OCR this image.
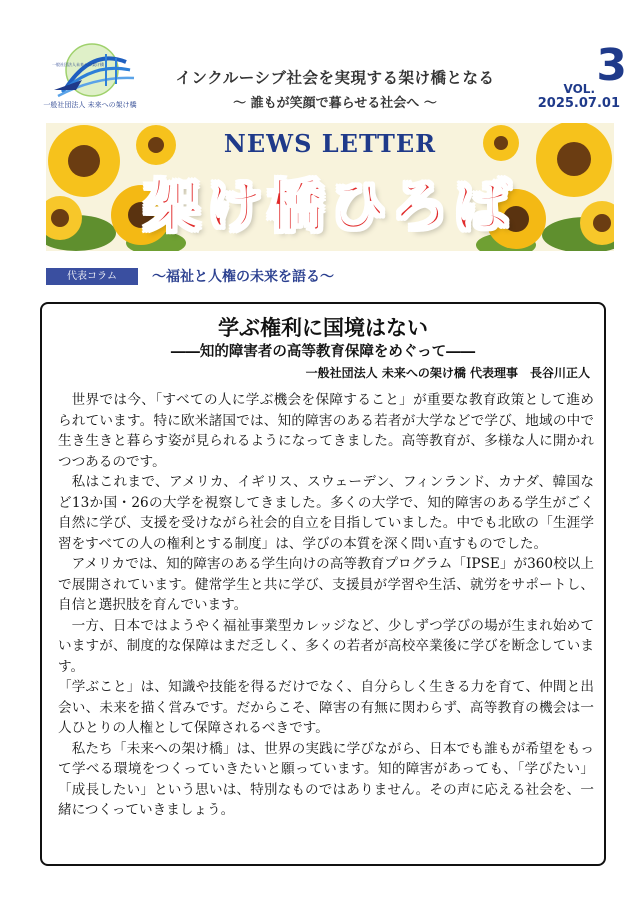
一般社団法人未来への架け橋
一般社団法人 未来への架け橋
インクルーシブ社会を実現する架け橋となる
～ 誰もが笑顔で暮らせる社会へ ～
VOL. 3
2025.07.01
NEWS LETTER
架け橋ひろば
代表コラム	～福祉と人権の未来を語る～
学ぶ権利に国境はない
――知的障害者の高等教育保障をめぐって――
一般社団法人 未来への架け橋 代表理事　長谷川正人

世界では今、「すべての人に学ぶ機会を保障すること」が重要な教育政策として進められています。特に欧米諸国では、知的障害のある若者が大学などで学び、地域の中で生き生きと暮らす姿が見られるようになってきました。高等教育が、多様な人に開かれつつあるのです。

私はこれまで、アメリカ、イギリス、スウェーデン、フィンランド、カナダ、韓国など13か国・26の大学を視察してきました。多くの大学で、知的障害のある学生がごく自然に学び、支援を受けながら社会的自立を目指していました。中でも北欧の「生涯学習をすべての人の権利とする制度」は、学びの本質を深く問い直すものでした。

アメリカでは、知的障害のある学生向けの高等教育プログラム「IPSE」が360校以上で展開されています。健常学生と共に学び、支援員が学習や生活、就労をサポートし、自信と選択肢を育んでいます。

一方、日本ではようやく福祉事業型カレッジなど、少しずつ学びの場が生まれ始めていますが、制度的な保障はまだ乏しく、多くの若者が高校卒業後に学びを断念しています。

「学ぶこと」は、知識や技能を得るだけでなく、自分らしく生きる力を育て、仲間と出会い、未来を描く営みです。だからこそ、障害の有無に関わらず、高等教育の機会は一人ひとりの人権として保障されるべきです。

私たち「未来への架け橋」は、世界の実践に学びながら、日本でも誰もが希望をもって学べる環境をつくっていきたいと願っています。知的障害があっても、「学びたい」「成長したい」という思いは、特別なものではありません。その声に応える社会を、一緒につくっていきましょう。
